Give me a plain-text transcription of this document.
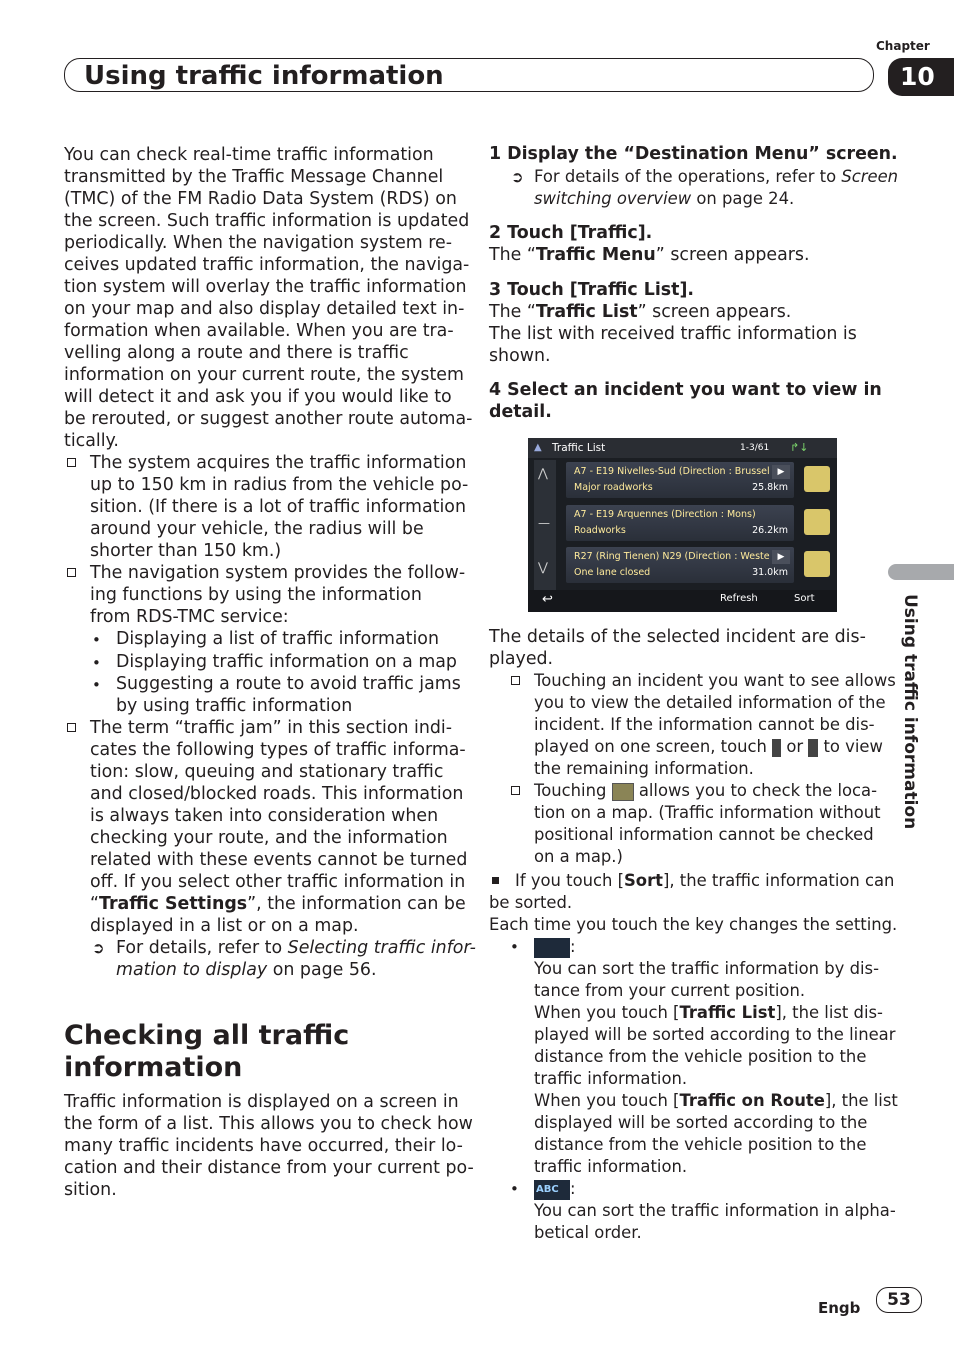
Using traffic information
Chapter
10
Using traffic information
You can check real-time traffic information
transmitted by the Traffic Message Channel
(TMC) of the FM Radio Data System (RDS) on
the screen. Such traffic information is updated
periodically. When the navigation system re-
ceives updated traffic information, the naviga-
tion system will overlay the traffic information
on your map and also display detailed text in-
formation when available. When you are tra-
velling along a route and there is traffic
information on your current route, the system
will detect it and ask you if you would like to
be rerouted, or suggest another route automa-
tically.
The system acquires the traffic information
up to 150 km in radius from the vehicle po-
sition. (If there is a lot of traffic information
around your vehicle, the radius will be
shorter than 150 km.)
The navigation system provides the follow-
ing functions by using the information
from RDS-TMC service:
• Displaying a list of traffic information
• Displaying traffic information on a map
• Suggesting a route to avoid traffic jams
by using traffic information
The term “traffic jam” in this section indi-
cates the following types of traffic informa-
tion: slow, queuing and stationary traffic
and closed/blocked roads. This information
is always taken into consideration when
checking your route, and the information
related with these events cannot be turned
off. If you select other traffic information in
“Traffic Settings”, the information can be
displayed in a list or on a map.
➲ For details, refer to Selecting traffic infor-
mation to display on page 56.
Checking all traffic
information
Traffic information is displayed on a screen in
the form of a list. This allows you to check how
many traffic incidents have occurred, their lo-
cation and their distance from your current po-
sition.
1 Display the “Destination Menu” screen.
➲ For details of the operations, refer to Screen
switching overview on page 24.
2 Touch [Traffic].
The “Traffic Menu” screen appears.
3 Touch [Traffic List].
The “Traffic List” screen appears.
The list with received traffic information is
shown.
4 Select an incident you want to view in
detail.
▲ Traffic List	1-3/61 ↱↓
⋀
—
⋁
A7 - E19 Nivelles-Sud (Direction : Brussel
Major roadworks	25.8km
▶
A7 - E19 Arquennes (Direction : Mons)
Roadworks	26.2km
R27 (Ring Tienen) N29 (Direction : Weste
One lane closed	31.0km
▶
↩	Refresh	Sort
The details of the selected incident are dis-
played.
Touching an incident you want to see allows
you to view the detailed information of the
incident. If the information cannot be dis-
played on one screen, touch  or  to view
the remaining information.
Touching  allows you to check the loca-
tion on a map. (Traffic information without
positional information cannot be checked
on a map.)
If you touch [Sort], the traffic information can
be sorted.
Each time you touch the key changes the setting.
•	:
You can sort the traffic information by dis-
tance from your current position.
When you touch [Traffic List], the list dis-
played will be sorted according to the linear
distance from the vehicle position to the
traffic information.
When you touch [Traffic on Route], the list
displayed will be sorted according to the
distance from the vehicle position to the
traffic information.
• ABC :
You can sort the traffic information in alpha-
betical order.
Engb	53
